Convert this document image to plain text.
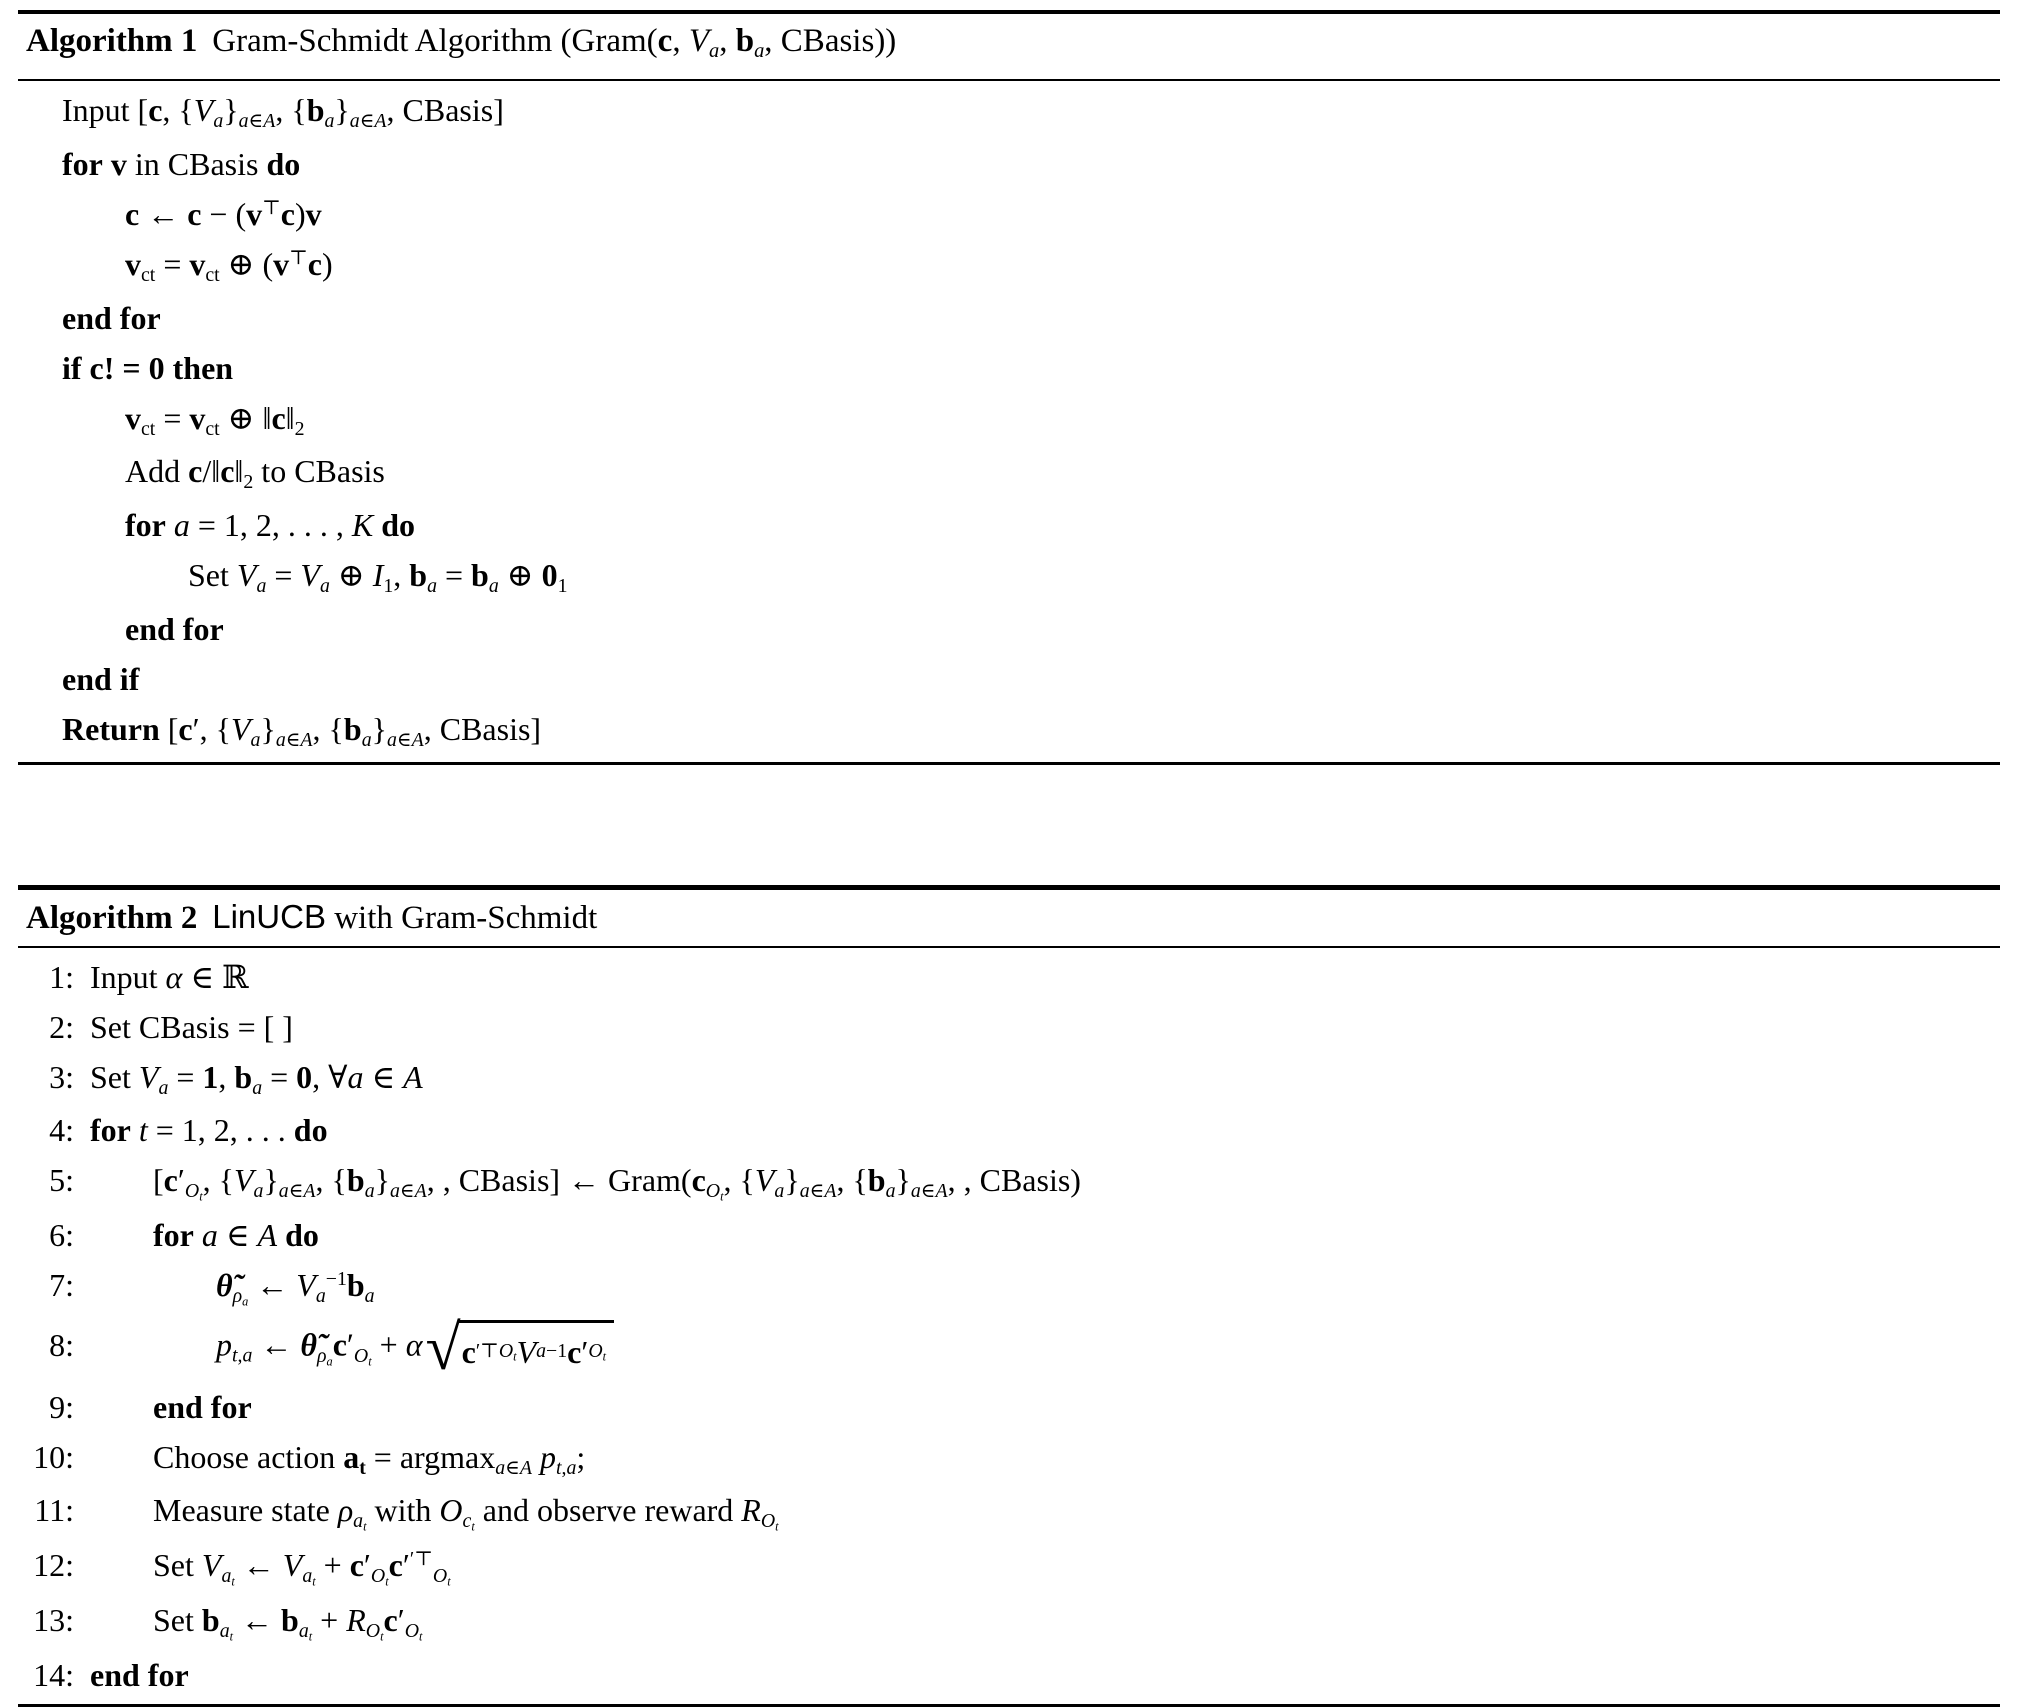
Algorithm 1 Gram-Schmidt Algorithm (Gram(c, $V_a$, $b_a$, CBasis))
Input [c, $\{V_a\}_{a\in A}$, $\{b_a\}_{a\in A}$, CBasis]
for v in CBasis do
c ← c − (v⊤c)v
$v_{ct} = v_{ct}$ ⊕ (v⊤c)
end for
if c! = 0 then
$v_{ct} = v_{ct}$ ⊕ $‖c‖_2$
Add $c/‖c‖_2$ to CBasis
for a = 1, 2, . . . , K do
Set $V_a = V_a$ ⊕ $I_1$, $b_a = b_a$ ⊕ $0_1$
end for
end if
Return [c′, $\{V_a\}_{a\in A}$, $\{b_a\}_{a\in A}$, CBasis]
Algorithm 2 LinUCB with Gram-Schmidt
1: Input α ∈ ℝ
2: Set CBasis = [ ]
3: Set $V_a = 1$, $b_a = 0$, ∀a ∈ A
4: for t = 1, 2, . . . do
5:	[$c'_{O_t}$, $\{V_a\}_{a\in A}$, $\{b_a\}_{a\in A}$, , CBasis] ← $Gram(c_{O_t}$, $\{V_a\}_{a\in A}$, $\{b_a\}_{a\in A}$, , CBasis)
6:	for a ∈ A do
7:	$\thetã_{\rho_a}$ ← $V_a^{-1}b_a$
8:	$p_{t,a}$ ← $\thetã_{\rho_a}c'_{O_t} + \alpha$ √ c ′⊤ $O_t$ V a −1 c ′ $O_t$
9:	end for
10:	Choose action $a_t = argmax_{a\in A}$ $p_{t,a}$;
11:	Measure state $\rho_{a_t}$ with $O_{c_t}$ and observe reward $R_{O_t}$
12:	Set $V_{a_t}$ ← $V_{a_t} + c'_{O_t}c'^{'⊤}_{O_t}$
13:	Set $b_{a_t}$ ← $b_{a_t} + R_{O_t}c'_{O_t}$
14: end for
